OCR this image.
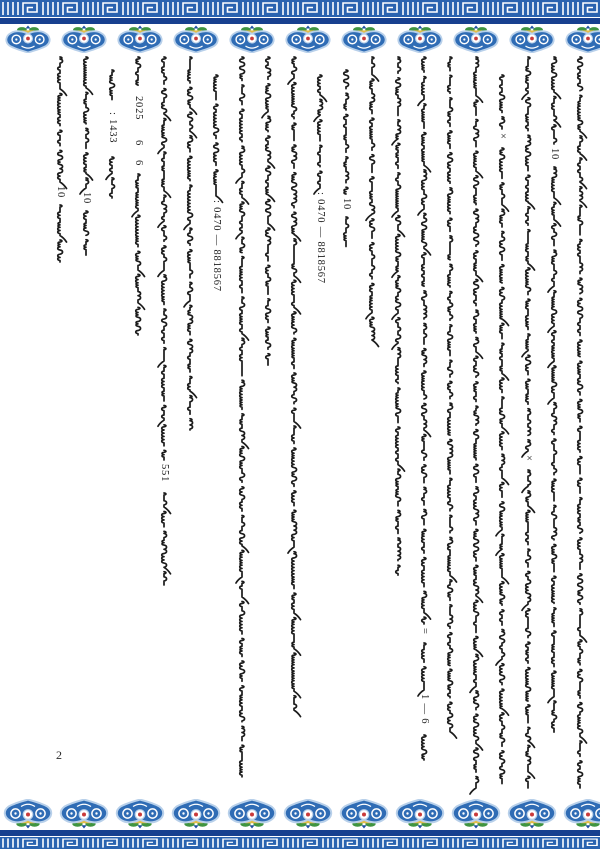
2
10 10
: 1433
2025
6
6
551
: 0470 — 8818567	: 0470 — 8818567 10
=
1 — 6
×
×
10
